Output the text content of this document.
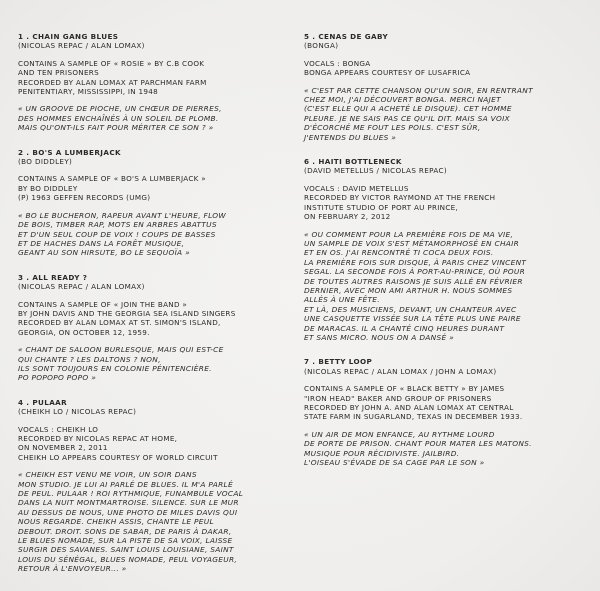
1 . CHAIN GANG BLUES
(NICOLAS REPAC / ALAN LOMAX)
CONTAINS A SAMPLE OF « ROSIE » BY C.B COOK
AND TEN PRISONERS
RECORDED BY ALAN LOMAX AT PARCHMAN FARM
PENITENTIARY, MISSISSIPPI, IN 1948
« UN GROOVE DE PIOCHE, UN CHŒUR DE PIERRES,
DES HOMMES ENCHAÎNÉS À UN SOLEIL DE PLOMB.
MAIS QU'ONT-ILS FAIT POUR MÉRITER CE SON ? »
2 . BO'S A LUMBERJACK
(BO DIDDLEY)
CONTAINS A SAMPLE OF « BO'S A LUMBERJACK »
BY BO DIDDLEY
(P) 1963 GEFFEN RECORDS (UMG)
« BO LE BUCHERON, RAPEUR AVANT L'HEURE, FLOW
DE BOIS, TIMBER RAP, MOTS EN ARBRES ABATTUS
ET D'UN SEUL COUP DE VOIX ! COUPS DE BASSES
ET DE HACHES DANS LA FORÊT MUSIQUE,
GEANT AU SON HIRSUTE, BO LE SEQUOÏA »
3 . ALL READY ?
(NICOLAS REPAC / ALAN LOMAX)
CONTAINS A SAMPLE OF « JOIN THE BAND »
BY JOHN DAVIS AND THE GEORGIA SEA ISLAND SINGERS
RECORDED BY ALAN LOMAX AT ST. SIMON'S ISLAND,
GEORGIA, ON OCTOBER 12, 1959.
« CHANT DE SALOON BURLESQUE, MAIS QUI EST-CE
QUI CHANTE ? LES DALTONS ? NON,
ILS SONT TOUJOURS EN COLONIE PÉNITENCIÈRE.
PO POPOPO POPO »
4 . PULAAR
(CHEIKH LO / NICOLAS REPAC)
VOCALS : CHEIKH LO
RECORDED BY NICOLAS REPAC AT HOME,
ON NOVEMBER 2, 2011
CHEIKH LO APPEARS COURTESY OF WORLD CIRCUIT
« CHEIKH EST VENU ME VOIR, UN SOIR DANS
MON STUDIO. JE LUI AI PARLÉ DE BLUES. IL M'A PARLÉ
DE PEUL. PULAAR ! ROI RYTHMIQUE, FUNAMBULE VOCAL
DANS LA NUIT MONTMARTROISE. SILENCE. SUR LE MUR
AU DESSUS DE NOUS, UNE PHOTO DE MILES DAVIS QUI
NOUS REGARDE. CHEIKH ASSIS, CHANTE LE PEUL
DEBOUT. DROIT. SONS DE SABAR, DE PARIS À DAKAR,
LE BLUES NOMADE, SUR LA PISTE DE SA VOIX, LAISSE
SURGIR DES SAVANES. SAINT LOUIS LOUISIANE, SAINT
LOUIS DU SÉNÉGAL, BLUES NOMADE, PEUL VOYAGEUR,
RETOUR À L'ENVOYEUR... »
5 . CENAS DE GABY
(BONGA)
VOCALS : BONGA
BONGA APPEARS COURTESY OF LUSAFRICA
« C'EST PAR CETTE CHANSON QU'UN SOIR, EN RENTRANT
CHEZ MOI, J'AI DÉCOUVERT BONGA. MERCI NAJET
(C'EST ELLE QUI A ACHETÉ LE DISQUE). CET HOMME
PLEURE. JE NE SAIS PAS CE QU'IL DIT. MAIS SA VOIX
D'ÉCORCHÉ ME FOUT LES POILS. C'EST SÛR,
J'ENTENDS DU BLUES »
6 . HAITI BOTTLENECK
(DAVID METELLUS / NICOLAS REPAC)
VOCALS : DAVID METELLUS
RECORDED BY VICTOR RAYMOND AT THE FRENCH
INSTITUTE STUDIO OF PORT AU PRINCE,
ON FEBRUARY 2, 2012
« OU COMMENT POUR LA PREMIÈRE FOIS DE MA VIE,
UN SAMPLE DE VOIX S'EST MÉTAMORPHOSÉ EN CHAIR
ET EN OS. J'AI RENCONTRÉ TI COCA DEUX FOIS.
LA PREMIÈRE FOIS SUR DISQUE, À PARIS CHEZ VINCENT
SEGAL. LA SECONDE FOIS À PORT-AU-PRINCE, OÙ POUR
DE TOUTES AUTRES RAISONS JE SUIS ALLÉ EN FÉVRIER
DERNIER, AVEC MON AMI ARTHUR H. NOUS SOMMES
ALLÉS À UNE FÊTE.
ET LÀ, DES MUSICIENS, DEVANT, UN CHANTEUR AVEC
UNE CASQUETTE VISSÉE SUR LA TÊTE PLUS UNE PAIRE
DE MARACAS. IL A CHANTÉ CINQ HEURES DURANT
ET SANS MICRO. NOUS ON A DANSÉ »
7 . BETTY LOOP
(NICOLAS REPAC / ALAN LOMAX / JOHN A LOMAX)
CONTAINS A SAMPLE OF « BLACK BETTY » BY JAMES
"IRON HEAD" BAKER AND GROUP OF PRISONERS
RECORDED BY JOHN A. AND ALAN LOMAX AT CENTRAL
STATE FARM IN SUGARLAND, TEXAS IN DECEMBER 1933.
« UN AIR DE MON ENFANCE, AU RYTHME LOURD
DE PORTE DE PRISON. CHANT POUR MATER LES MATONS.
MUSIQUE POUR RÉCIDIVISTE. JAILBIRD.
L'OISEAU S'ÉVADE DE SA CAGE PAR LE SON »
